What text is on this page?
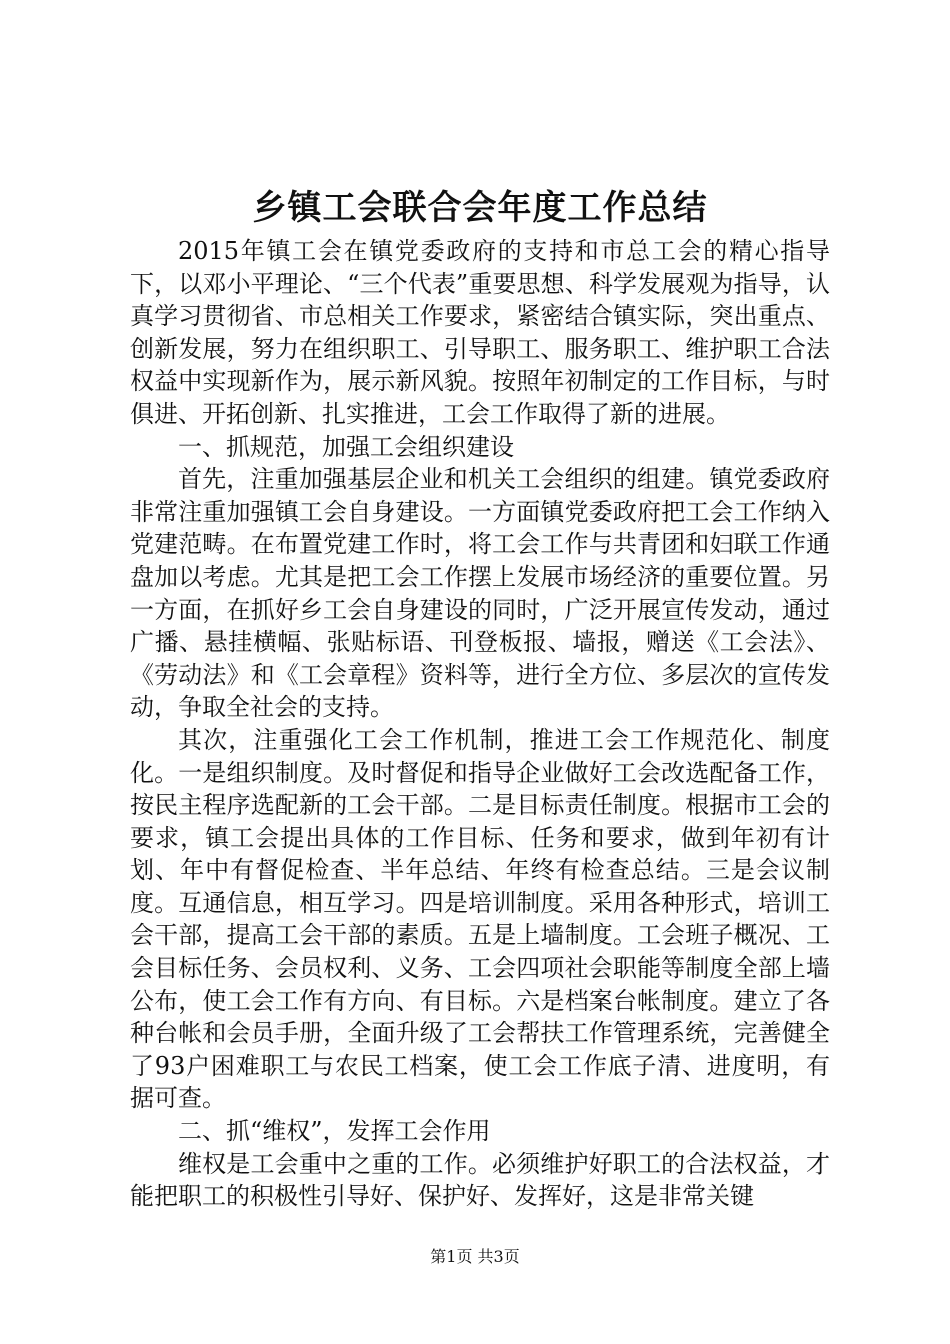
乡镇工会联合会年度工作总结

2015年镇工会在镇党委政府的支持和市总工会的精心指导下，以邓小平理论、“三个代表”重要思想、科学发展观为指导，认真学习贯彻省、市总相关工作要求，紧密结合镇实际，突出重点、创新发展，努力在组织职工、引导职工、服务职工、维护职工合法权益中实现新作为，展示新风貌。按照年初制定的工作目标，与时俱进、开拓创新、扎实推进，工会工作取得了新的进展。

一、抓规范，加强工会组织建设

首先，注重加强基层企业和机关工会组织的组建。镇党委政府非常注重加强镇工会自身建设。一方面镇党委政府把工会工作纳入党建范畴。在布置党建工作时，将工会工作与共青团和妇联工作通盘加以考虑。尤其是把工会工作摆上发展市场经济的重要位置。另一方面，在抓好乡工会自身建设的同时，广泛开展宣传发动，通过广播、悬挂横幅、张贴标语、刊登板报、墙报，赠送《工会法》、《劳动法》和《工会章程》资料等，进行全方位、多层次的宣传发动，争取全社会的支持。

其次，注重强化工会工作机制，推进工会工作规范化、制度化。一是组织制度。及时督促和指导企业做好工会改选配备工作，按民主程序选配新的工会干部。二是目标责任制度。根据市工会的要求，镇工会提出具体的工作目标、任务和要求，做到年初有计划、年中有督促检查、半年总结、年终有检查总结。三是会议制度。互通信息，相互学习。四是培训制度。采用各种形式，培训工会干部，提高工会干部的素质。五是上墙制度。工会班子概况、工会目标任务、会员权利、义务、工会四项社会职能等制度全部上墙公布，使工会工作有方向、有目标。六是档案台帐制度。建立了各种台帐和会员手册，全面升级了工会帮扶工作管理系统，完善健全了93户困难职工与农民工档案，使工会工作底子清、进度明，有据可查。

二、抓“维权”，发挥工会作用

维权是工会重中之重的工作。必须维护好职工的合法权益，才能把职工的积极性引导好、保护好、发挥好，这是非常关键

第1页 共3页
